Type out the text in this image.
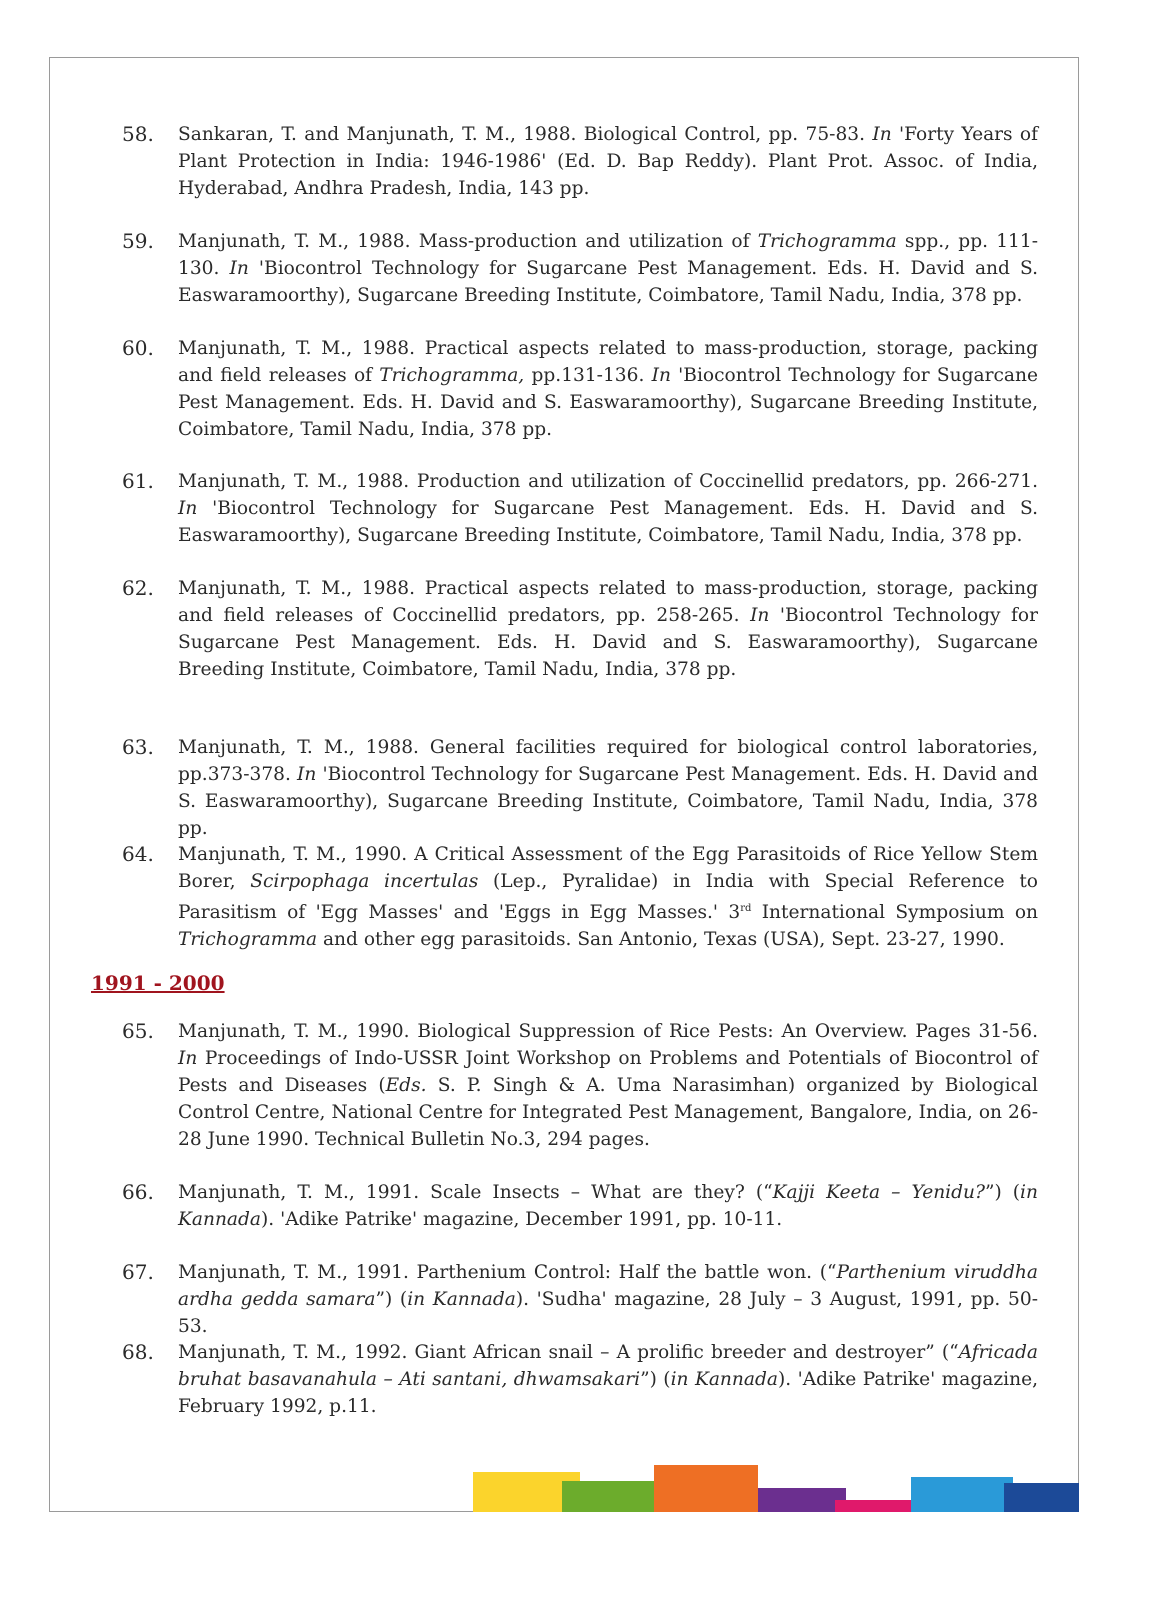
58. Sankaran, T. and Manjunath, T. M., 1988. Biological Control, pp. 75-83. In 'Forty Years of Plant Protection in India: 1946-1986' (Ed. D. Bap Reddy). Plant Prot. Assoc. of India, Hyderabad, Andhra Pradesh, India, 143 pp.
59. Manjunath, T. M., 1988. Mass-production and utilization of Trichogramma spp., pp. 111-130. In 'Biocontrol Technology for Sugarcane Pest Management. Eds. H. David and S. Easwaramoorthy), Sugarcane Breeding Institute, Coimbatore, Tamil Nadu, India, 378 pp.
60. Manjunath, T. M., 1988. Practical aspects related to mass-production, storage, packing and field releases of Trichogramma, pp.131-136. In 'Biocontrol Technology for Sugarcane Pest Management. Eds. H. David and S. Easwaramoorthy), Sugarcane Breeding Institute, Coimbatore, Tamil Nadu, India, 378 pp.
61. Manjunath, T. M., 1988. Production and utilization of Coccinellid predators, pp. 266-271. In 'Biocontrol Technology for Sugarcane Pest Management. Eds. H. David and S. Easwaramoorthy), Sugarcane Breeding Institute, Coimbatore, Tamil Nadu, India, 378 pp.
62. Manjunath, T. M., 1988. Practical aspects related to mass-production, storage, packing and field releases of Coccinellid predators, pp. 258-265. In 'Biocontrol Technology for Sugarcane Pest Management. Eds. H. David and S. Easwaramoorthy), Sugarcane Breeding Institute, Coimbatore, Tamil Nadu, India, 378 pp.
63. Manjunath, T. M., 1988. General facilities required for biological control laboratories, pp.373-378. In 'Biocontrol Technology for Sugarcane Pest Management. Eds. H. David and S. Easwaramoorthy), Sugarcane Breeding Institute, Coimbatore, Tamil Nadu, India, 378 pp.
64. Manjunath, T. M., 1990. A Critical Assessment of the Egg Parasitoids of Rice Yellow Stem Borer, Scirpophaga incertulas (Lep., Pyralidae) in India with Special Reference to Parasitism of 'Egg Masses' and 'Eggs in Egg Masses.' 3rd International Symposium on Trichogramma and other egg parasitoids. San Antonio, Texas (USA), Sept. 23-27, 1990.
65. Manjunath, T. M., 1990. Biological Suppression of Rice Pests: An Overview. Pages 31-56. In Proceedings of Indo-USSR Joint Workshop on Problems and Potentials of Biocontrol of Pests and Diseases (Eds. S. P. Singh & A. Uma Narasimhan) organized by Biological Control Centre, National Centre for Integrated Pest Management, Bangalore, India, on 26-28 June 1990. Technical Bulletin No.3, 294 pages.
66. Manjunath, T. M., 1991. Scale Insects – What are they? (“Kajji Keeta – Yenidu?”) (in Kannada). 'Adike Patrike' magazine, December 1991, pp. 10-11.
67. Manjunath, T. M., 1991. Parthenium Control: Half the battle won. (“Parthenium viruddha ardha gedda samara”) (in Kannada). 'Sudha' magazine, 28 July – 3 August, 1991, pp. 50-53.
68. Manjunath, T. M., 1992. Giant African snail – A prolific breeder and destroyer” (“Africada bruhat basavanahula – Ati santani, dhwamsakari”) (in Kannada). 'Adike Patrike' magazine, February 1992, p.11.
1991 - 2000
